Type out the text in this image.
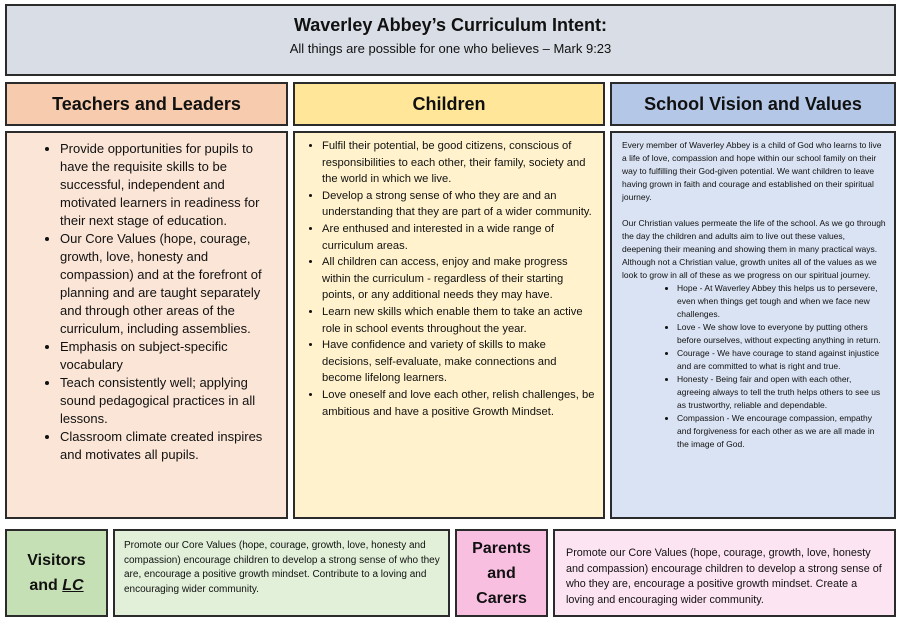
Waverley Abbey’s Curriculum Intent:
All things are possible for one who believes – Mark 9:23
Teachers and Leaders	Children	School Vision and Values
• Provide opportunities for pupils to have the requisite skills to be successful, independent and motivated learners in readiness for their next stage of education.
• Our Core Values (hope, courage, growth, love, honesty and compassion) and at the forefront of planning and are taught separately and through other areas of the curriculum, including assemblies.
• Emphasis on subject-specific vocabulary
• Teach consistently well; applying sound pedagogical practices in all lessons.
• Classroom climate created inspires and motivates all pupils.
• Fulfil their potential, be good citizens, conscious of responsibilities to each other, their family, society and the world in which we live.
• Develop a strong sense of who they are and an understanding that they are part of a wider community.
• Are enthused and interested in a wide range of curriculum areas.
• All children can access, enjoy and make progress within the curriculum - regardless of their starting points, or any additional needs they may have.
• Learn new skills which enable them to take an active role in school events throughout the year.
• Have confidence and variety of skills to make decisions, self-evaluate, make connections and become lifelong learners.
• Love oneself and love each other, relish challenges, be ambitious and have a positive Growth Mindset.

Every member of Waverley Abbey is a child of God who learns to live a life of love, compassion and hope within our school family on their way to fulfilling their God-given potential. We want children to leave having grown in faith and courage and established on their spiritual journey.

Our Christian values permeate the life of the school. As we go through the day the children and adults aim to live out these values, deepening their meaning and showing them in many practical ways. Although not a Christian value, growth unites all of the values as we look to grow in all of these as we progress on our spiritual journey.

• Hope - At Waverley Abbey this helps us to persevere, even when things get tough and when we face new challenges.
• Love - We show love to everyone by putting others before ourselves, without expecting anything in return.
• Courage - We have courage to stand against injustice and are committed to what is right and true.
• Honesty - Being fair and open with each other, agreeing always to tell the truth helps others to see us as trustworthy, reliable and dependable.
• Compassion - We encourage compassion, empathy and forgiveness for each other as we are all made in the image of God.
Visitors
and LC
Promote our Core Values (hope, courage, growth, love, honesty and compassion) encourage children to develop a strong sense of who they are, encourage a positive growth mindset. Contribute to a loving and encouraging wider community.
Parents
and
Carers
Promote our Core Values (hope, courage, growth, love, honesty and compassion) encourage children to develop a strong sense of who they are, encourage a positive growth mindset. Create a loving and encouraging wider community.
